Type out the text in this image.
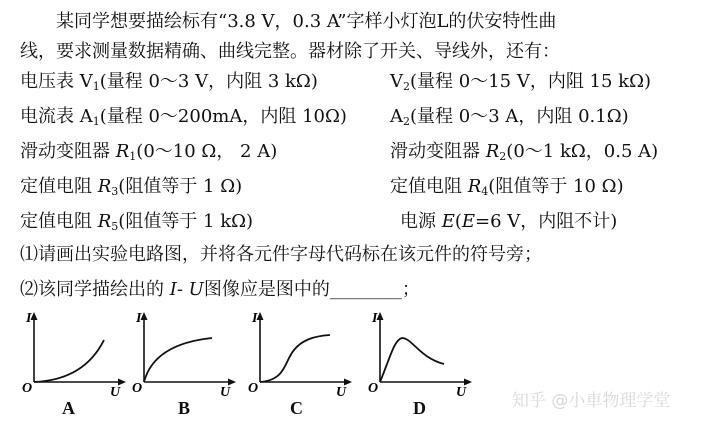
某同学想要描绘标有“3.8 V，0.3 A”字样小灯泡L的伏安特性曲
线，要求测量数据精确、曲线完整。器材除了开关、导线外，还有：
电压表 $V_1$(量程 0～3 V，内阻 3 kΩ)	$V_2$(量程 0～15 V，内阻 15 kΩ)
电流表 $A_1$(量程 0～200mA，内阻 10Ω) $A_2$(量程 0～3 A，内阻 0.1Ω)
滑动变阻器 $R_1(0\sim 10$ Ω， 2 A)	滑动变阻器 $R_2(0\sim 1$ kΩ，0.5 A)
定值电阻 $R_3$(阻值等于 1 Ω)	定值电阻 $R_4$(阻值等于 10 Ω)
定值电阻 $R_5$(阻值等于 1 kΩ)	电源 E(E=6 V，内阻不计)
⑴请画出实验电路图，并将各元件字母代码标在该元件的符号旁；
⑵该同学描绘出的 I- U图像应是图中的________；
I
O	U
A
I
O	U
B
I
O	U
C
I
O	U
D	知乎 @小車物理学堂
